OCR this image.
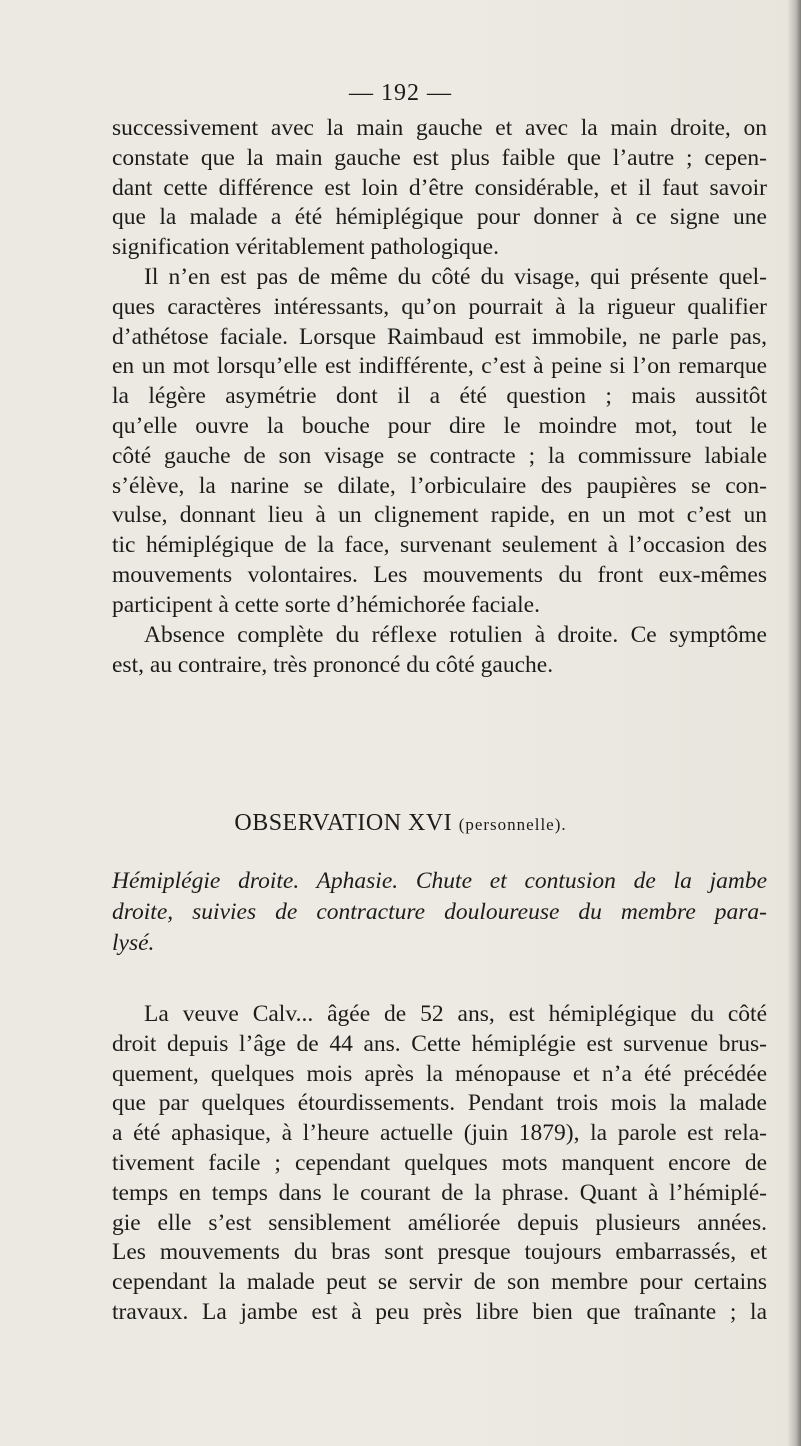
— 192 —
successivement avec la main gauche et avec la main droite, on
constate que la main gauche est plus faible que l’autre ; cepen-
dant cette différence est loin d’être considérable, et il faut savoir
que la malade a été hémiplégique pour donner à ce signe une
signification véritablement pathologique.
Il n’en est pas de même du côté du visage, qui présente quel-
ques caractères intéressants, qu’on pourrait à la rigueur qualifier
d’athétose faciale. Lorsque Raimbaud est immobile, ne parle pas,
en un mot lorsqu’elle est indifférente, c’est à peine si l’on remarque
la légère asymétrie dont il a été question ; mais aussitôt
qu’elle ouvre la bouche pour dire le moindre mot, tout le
côté gauche de son visage se contracte ; la commissure labiale
s’élève, la narine se dilate, l’orbiculaire des paupières se con-
vulse, donnant lieu à un clignement rapide, en un mot c’est un
tic hémiplégique de la face, survenant seulement à l’occasion des
mouvements volontaires. Les mouvements du front eux-mêmes
participent à cette sorte d’hémichorée faciale.
Absence complète du réflexe rotulien à droite. Ce symptôme
est, au contraire, très prononcé du côté gauche.
OBSERVATION XVI (personnelle).
Hémiplégie droite. Aphasie. Chute et contusion de la jambe
droite, suivies de contracture douloureuse du membre para-
lysé.
La veuve Calv... âgée de 52 ans, est hémiplégique du côté
droit depuis l’âge de 44 ans. Cette hémiplégie est survenue brus-
quement, quelques mois après la ménopause et n’a été précédée
que par quelques étourdissements. Pendant trois mois la malade
a été aphasique, à l’heure actuelle (juin 1879), la parole est rela-
tivement facile ; cependant quelques mots manquent encore de
temps en temps dans le courant de la phrase. Quant à l’hémiplé-
gie elle s’est sensiblement améliorée depuis plusieurs années.
Les mouvements du bras sont presque toujours embarrassés, et
cependant la malade peut se servir de son membre pour certains
travaux. La jambe est à peu près libre bien que traînante ; la
